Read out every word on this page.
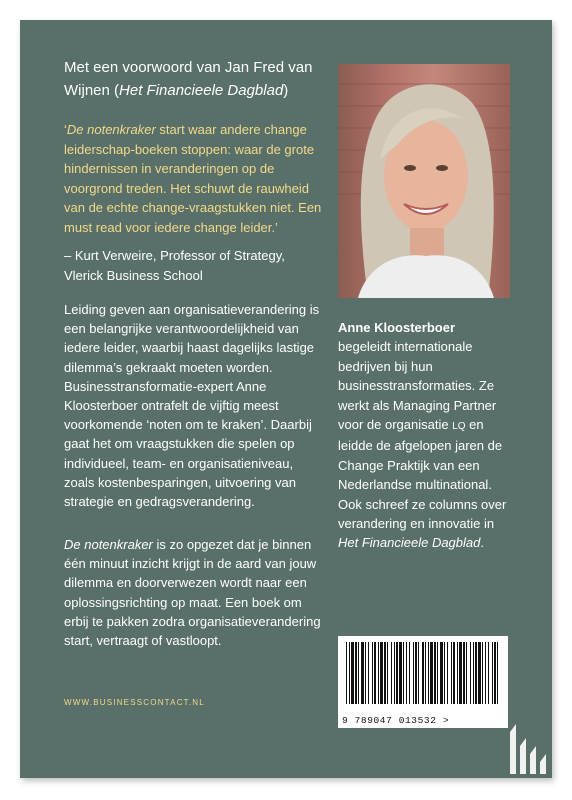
Met een voorwoord van Jan Fred van Wijnen (Het Financieele Dagblad)
‘De notenkraker start waar andere change leiderschap-boeken stoppen: waar de grote hindernissen in veranderingen op de voorgrond treden. Het schuwt de rauwheid van de echte change-vraagstukken niet. Een must read voor iedere change leider.’
– Kurt Verweire, Professor of Strategy, Vlerick Business School
Leiding geven aan organisatieverandering is een belangrijke verantwoordelijkheid van iedere leider, waarbij haast dagelijks lastige dilemma’s gekraakt moeten worden. Businesstransformatie-expert Anne Kloosterboer ontrafelt de vijftig meest voorkomende ‘noten om te kraken’. Daarbij gaat het om vraagstukken die spelen op individueel, team- en organisatieniveau, zoals kostenbesparingen, uitvoering van strategie en gedragsverandering.
De notenkraker is zo opgezet dat je binnen één minuut inzicht krijgt in de aard van jouw dilemma en doorverwezen wordt naar een oplossingsrichting op maat. Een boek om erbij te pakken zodra organisatieverandering start, vertraagt of vastloopt.
WWW.BUSINESSCONTACT.NL
Anne Kloosterboer
begeleidt internationale bedrijven bij hun businesstransformaties. Ze werkt als Managing Partner voor de organisatie LQ en leidde de afgelopen jaren de Change Praktijk van een Nederlandse multinational. Ook schreef ze columns over verandering en innovatie in Het Financieele Dagblad.
9 789047 013532 >
